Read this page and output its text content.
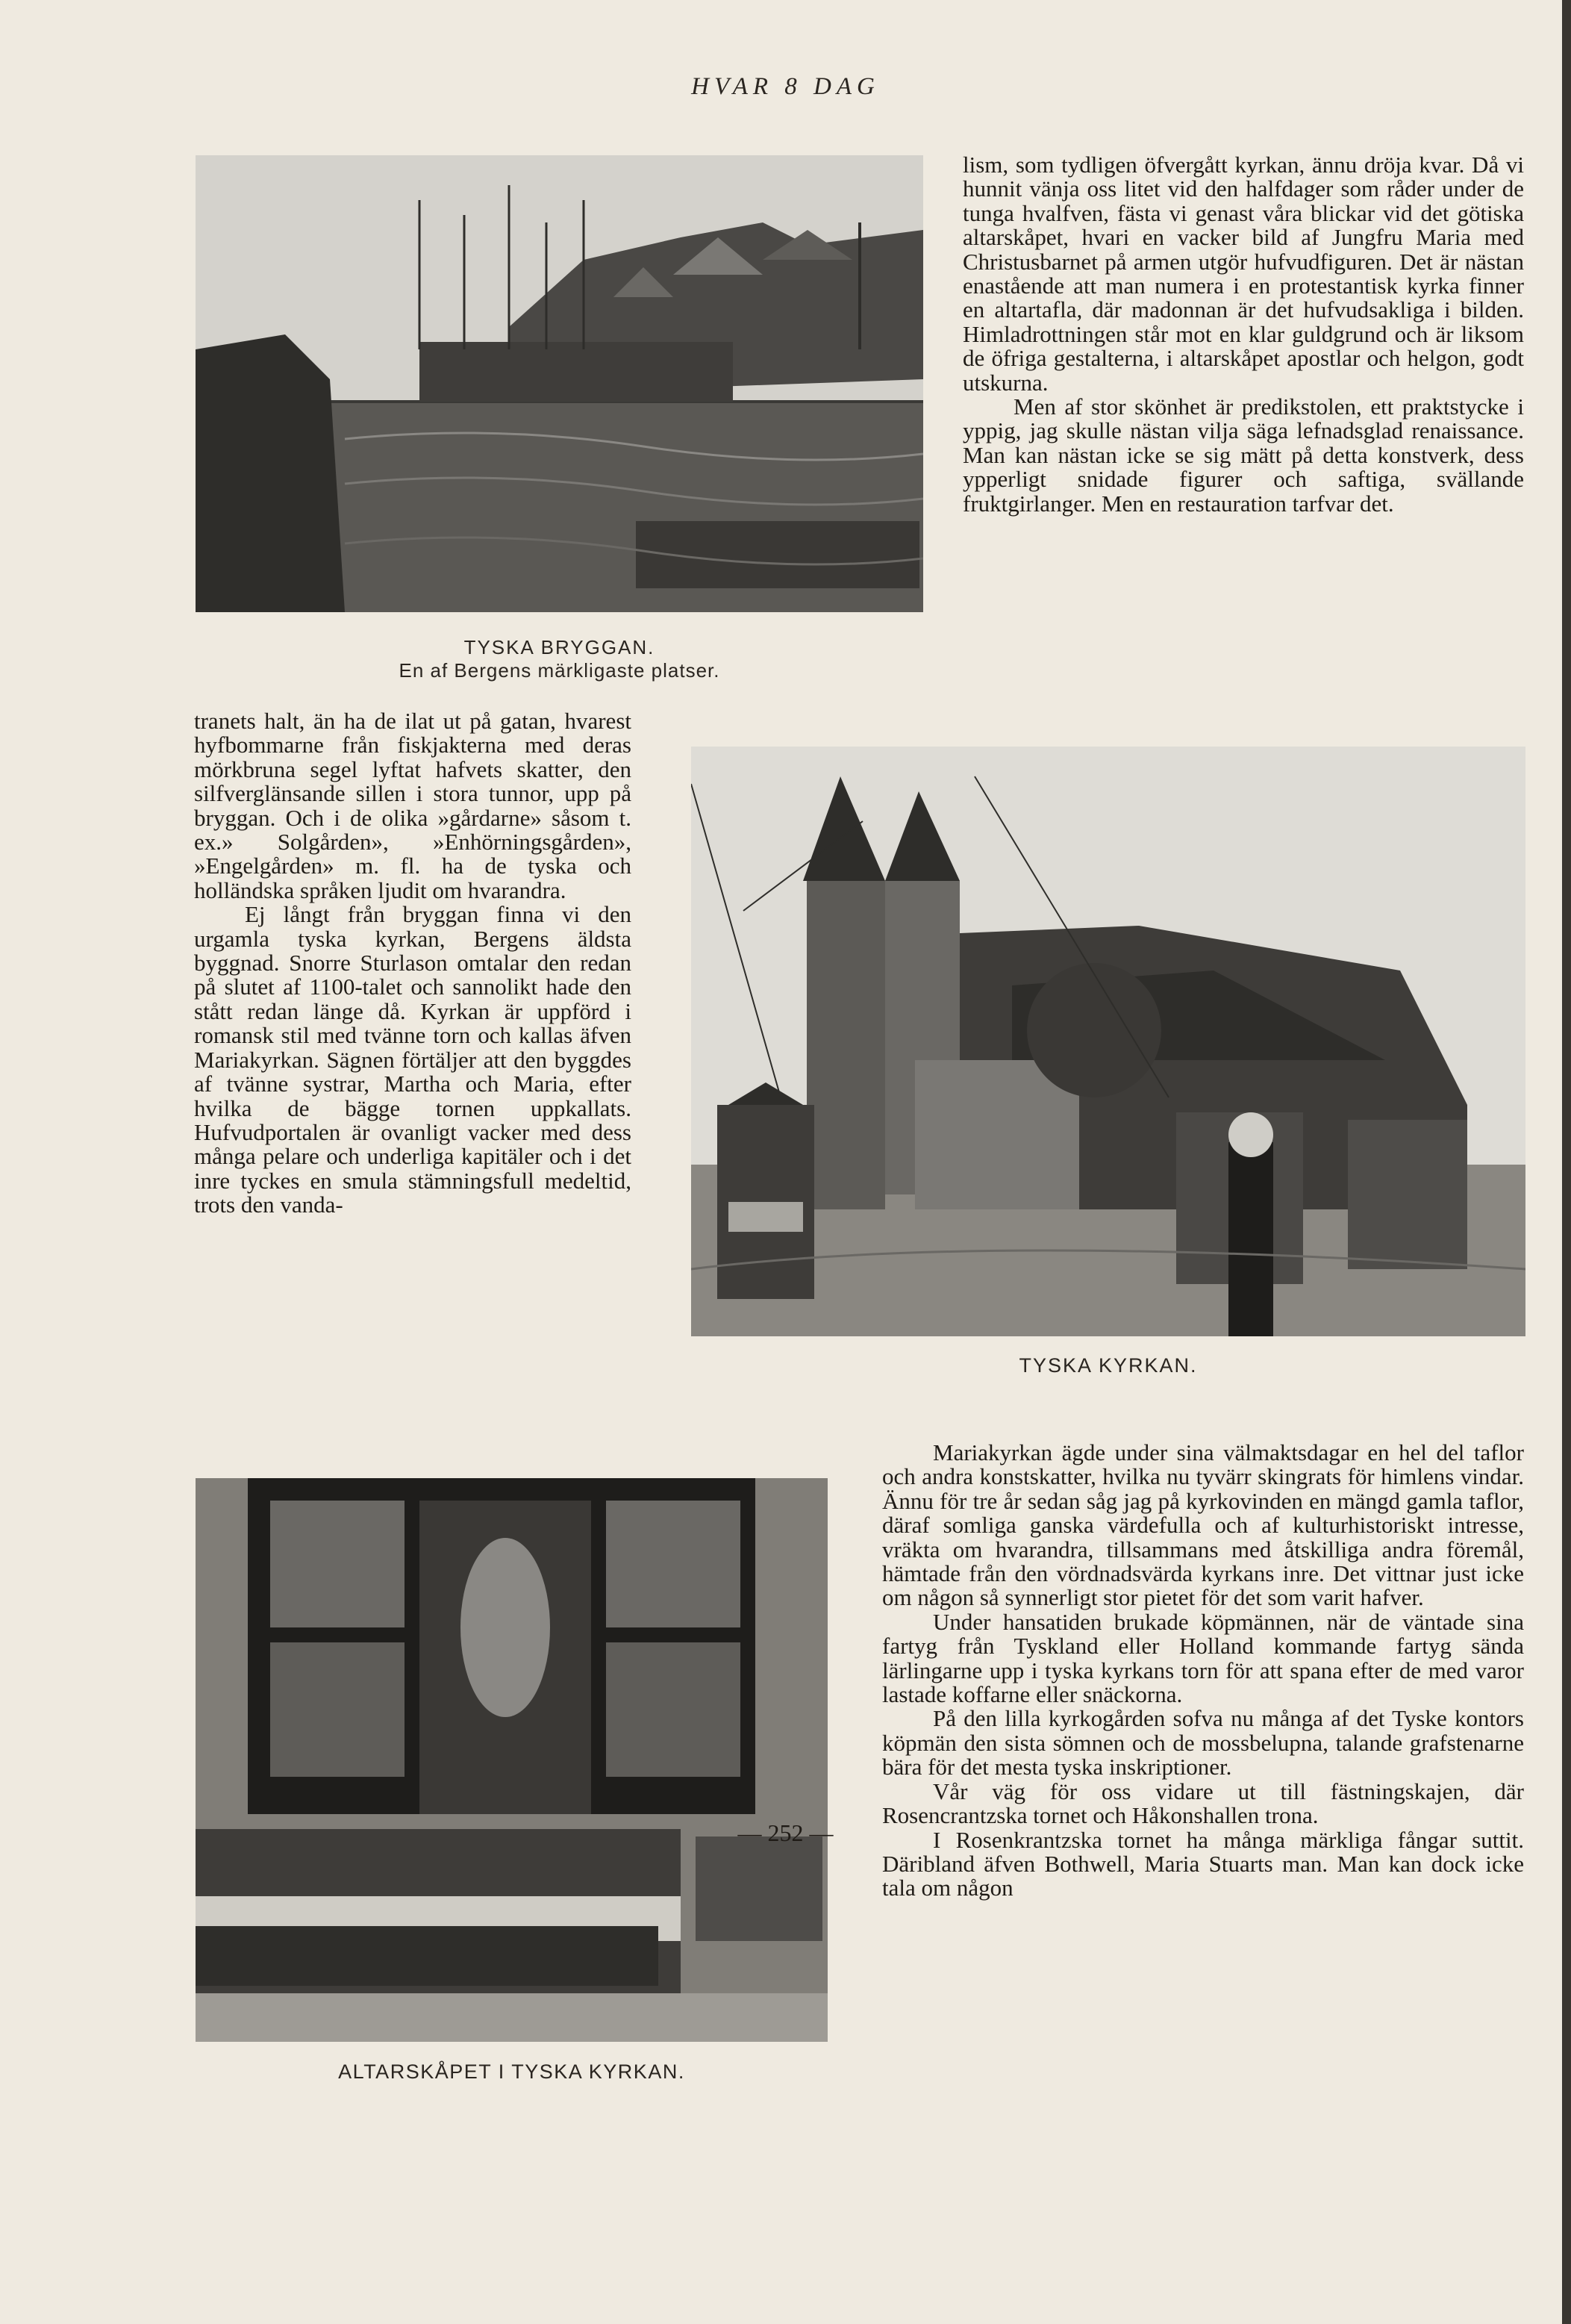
HVAR 8 DAG
TYSKA BRYGGAN.
En af Bergens märkligaste platser.
TYSKA KYRKAN.
ALTARSKÅPET I TYSKA KYRKAN.

tranets halt, än ha de ilat ut på gatan, hvarest hyfbommarne från fiskjakterna med deras mörkbruna segel lyftat hafvets skatter, den silfverglänsande sillen i stora tunnor, upp på bryggan. Och i de olika »gårdarne» såsom t. ex.» Solgården», »Enhörningsgården», »Engelgården» m. fl. ha de tyska och holländska språken ljudit om hvarandra.

Ej långt från bryggan finna vi den urgamla tyska kyrkan, Bergens äldsta byggnad. Snorre Sturlason omtalar den redan på slutet af 1100-talet och sannolikt hade den stått redan länge då. Kyrkan är uppförd i romansk stil med tvänne torn och kallas äfven Mariakyrkan. Sägnen förtäljer att den byggdes af tvänne systrar, Martha och Maria, efter hvilka de bägge tornen uppkallats. Hufvudportalen är ovanligt vacker med dess många pelare och underliga kapitäler och i det inre tyckes en smula stämningsfull medeltid, trots den vanda-

lism, som tydligen öfvergått kyrkan, ännu dröja kvar. Då vi hunnit vänja oss litet vid den halfdager som råder under de tunga hvalfven, fästa vi genast våra blickar vid det götiska altarskåpet, hvari en vacker bild af Jungfru Maria med Christusbarnet på armen utgör hufvudfiguren. Det är nästan enastående att man numera i en protestantisk kyrka finner en altartafla, där madonnan är det hufvudsakliga i bilden. Himladrottningen står mot en klar guldgrund och är liksom de öfriga gestalterna, i altarskåpet apostlar och helgon, godt utskurna.

Men af stor skönhet är predikstolen, ett praktstycke i yppig, jag skulle nästan vilja säga lefnadsglad renaissance. Man kan nästan icke se sig mätt på detta konstverk, dess ypperligt snidade figurer och saftiga, svällande fruktgirlanger. Men en restauration tarfvar det.

Mariakyrkan ägde under sina välmaktsdagar en hel del taflor och andra konstskatter, hvilka nu tyvärr skingrats för himlens vindar. Ännu för tre år sedan såg jag på kyrkovinden en mängd gamla taflor, däraf somliga ganska värdefulla och af kulturhistoriskt intresse, vräkta om hvarandra, tillsammans med åtskilliga andra föremål, hämtade från den vördnadsvärda kyrkans inre. Det vittnar just icke om någon så synnerligt stor pietet för det som varit hafver.

Under hansatiden brukade köpmännen, när de väntade sina fartyg från Tyskland eller Holland kommande fartyg sända lärlingarne upp i tyska kyrkans torn för att spana efter de med varor lastade koffarne eller snäckorna.

På den lilla kyrkogården sofva nu många af det Tyske kontors köpmän den sista sömnen och de mossbelupna, talande grafstenarne bära för det mesta tyska inskriptioner.

Vår väg för oss vidare ut till fästningskajen, där Rosencrantzska tornet och Håkonshallen trona.

I Rosenkrantzska tornet ha många märkliga fångar suttit. Däribland äfven Bothwell, Maria Stuarts man. Man kan dock icke tala om någon

— 252 —
